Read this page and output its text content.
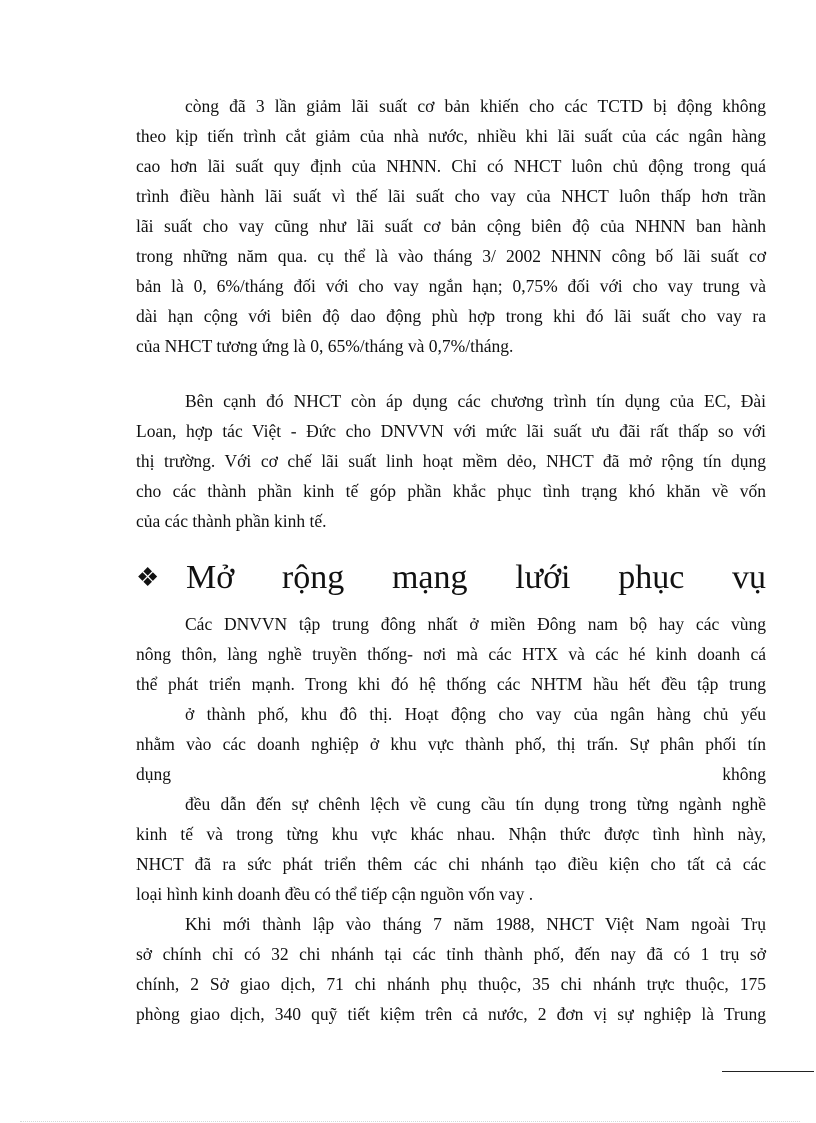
còng đã 3 lần giảm lãi suất cơ bản khiến cho các TCTD bị động không
theo kịp tiến trình cắt giảm của nhà nước, nhiều khi lãi suất của các ngân hàng
cao hơn lãi suất quy định của NHNN. Chỉ có NHCT luôn chủ động trong quá
trình điều hành lãi suất vì thế lãi suất cho vay của NHCT luôn thấp hơn trần
lãi suất cho vay cũng như lãi suất cơ bản cộng biên độ của NHNN ban hành
trong những năm qua. cụ thể là vào tháng 3/ 2002 NHNN công bố lãi suất cơ
bản là 0, 6%/tháng đối với cho vay ngắn hạn; 0,75% đối với cho vay trung và
dài hạn cộng với biên độ dao động phù hợp trong khi đó lãi suất cho vay ra
của NHCT tương ứng là 0, 65%/tháng và 0,7%/tháng.
Bên cạnh đó NHCT còn áp dụng các chương trình tín dụng của EC, Đài
Loan, hợp tác Việt - Đức cho DNVVN với mức lãi suất ưu đãi rất thấp so với
thị trường. Với cơ chế lãi suất linh hoạt mềm dẻo, NHCT đã mở rộng tín dụng
cho các thành phần kinh tế góp phần khắc phục tình trạng khó khăn về vốn
của các thành phần kinh tế.
❖ Mở rộng mạng lưới phục vụ
Các DNVVN tập trung đông nhất ở miền Đông nam bộ hay các vùng
nông thôn, làng nghề truyền thống- nơi mà các HTX và các hé kinh doanh cá
thể phát triển mạnh. Trong khi đó hệ thống các NHTM hầu hết đều tập trung
ở thành phố, khu đô thị. Hoạt động cho vay của ngân hàng chủ yếu
nhằm vào các doanh nghiệp ở khu vực thành phố, thị trấn. Sự phân phối tín
dụng không
đều dẫn đến sự chênh lệch về cung cầu tín dụng trong từng ngành nghề
kinh tế và trong từng khu vực khác nhau. Nhận thức được tình hình này,
NHCT đã ra sức phát triển thêm các chi nhánh tạo điều kiện cho tất cả các
loại hình kinh doanh đều có thể tiếp cận nguồn vốn vay .
Khi mới thành lập vào tháng 7 năm 1988, NHCT Việt Nam ngoài Trụ
sở chính chỉ có 32 chi nhánh tại các tỉnh thành phố, đến nay đã có 1 trụ sở
chính, 2 Sở giao dịch, 71 chi nhánh phụ thuộc, 35 chi nhánh trực thuộc, 175
phòng giao dịch, 340 quỹ tiết kiệm trên cả nước, 2 đơn vị sự nghiệp là Trung
